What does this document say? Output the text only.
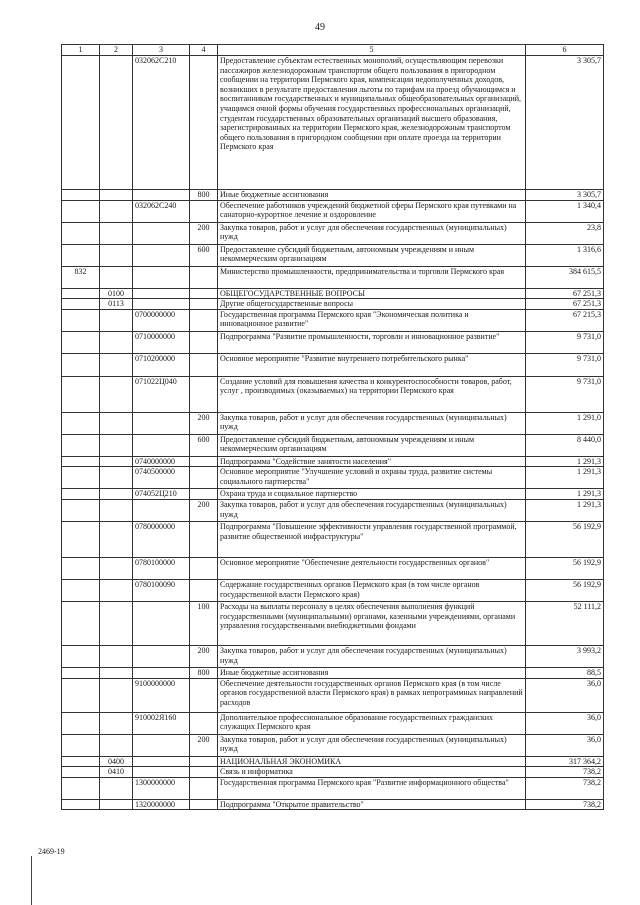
49
1	2	3	4	5	6
		032062С210		Предоставление субъектам естественных монополий, осуществляющим перевозки пассажиров железнодорожным транспортом общего пользования в пригородном сообщении на территории Пермского края, компенсации недополученных доходов, возникших в результате предоставления льготы по тарифам на проезд обучающимся и воспитанникам государственных и муниципальных общеобразовательных организаций, учащимся очной формы обучения государственных профессиональных организаций, студентам государственных образовательных организаций высшего образования, зарегистрированных на территории Пермского края, железнодорожным транспортом общего пользования в пригородном сообщении при оплате проезда на территории Пермского края	3 305,7
			800	Иные бюджетные ассигнования	3 305,7
		032062С240		Обеспечение работников учреждений бюджетной сферы Пермского края путевками на санаторно-курортное лечение и оздоровление	1 340,4
			200	Закупка товаров, работ и услуг для обеспечения государственных (муниципальных) нужд	23,8
			600	Предоставление субсидий бюджетным, автономным учреждениям и иным некоммерческим организациям	1 316,6
832				Министерство промышленности, предпринимательства и торговли Пермского края	384 615,5
	0100			ОБЩЕГОСУДАРСТВЕННЫЕ ВОПРОСЫ	67 251,3
	0113			Другие общегосударственные вопросы	67 251,3
		0700000000		Государственная программа Пермского края "Экономическая политика и инновационное развитие"	67 215,3
		0710000000		Подпрограмма "Развитие промышленности, торговли и инновационное развитие"	9 731,0
		0710200000		Основное мероприятие "Развитие внутреннего потребительского рынка"	9 731,0
		071022Ц040		Создание условий для повышения качества и конкурентоспособности товаров, работ, услуг , производимых (оказываемых) на территории Пермского края	9 731,0
			200	Закупка товаров, работ и услуг для обеспечения государственных (муниципальных) нужд	1 291,0
			600	Предоставление субсидий бюджетным, автономным учреждениям и иным некоммерческим организациям	8 440,0
		0740000000		Подпрограмма "Содействие занятости населения"	1 291,3
		0740500000		Основное мероприятие "Улучшение условий и охраны труда, развитие системы социального партнерства"	1 291,3
		074052Ц210		Охрана труда и социальное партнерство	1 291,3
			200	Закупка товаров, работ и услуг для обеспечения государственных (муниципальных) нужд	1 291,3
		0780000000		Подпрограмма "Повышение эффективности управления государственной программой, развитие общественной инфраструктуры"	56 192,9
		0780100000		Основное мероприятие "Обеспечение деятельности государственных органов"	56 192,9
		0780100090		Содержание государственных органов Пермского края (в том числе органов государственной власти Пермского края)	56 192,9
			100	Расходы на выплаты персоналу в целях обеспечения выполнения функций государственными (муниципальными) органами, казенными учреждениями, органами управления государственными внебюджетными фондами	52 111,2
			200	Закупка товаров, работ и услуг для обеспечения государственных (муниципальных) нужд	3 993,2
			800	Иные бюджетные ассигнования	88,5
		9100000000		Обеспечение деятельности государственных органов Пермского края (в том числе органов государственной власти Пермского края) в рамках непрограммных направлений расходов	36,0
		910002Я160		Дополнительное профессиональное образование государственных гражданских служащих Пермского края	36,0
			200	Закупка товаров, работ и услуг для обеспечения государственных (муниципальных) нужд	36,0
	0400			НАЦИОНАЛЬНАЯ ЭКОНОМИКА	317 364,2
	0410			Связь и информатика	738,2
		1300000000		Государственная программа Пермского края "Развитие информационного общества"	738,2
		1320000000		Подпрограмма "Открытое правительство"	738,2
2469-19
